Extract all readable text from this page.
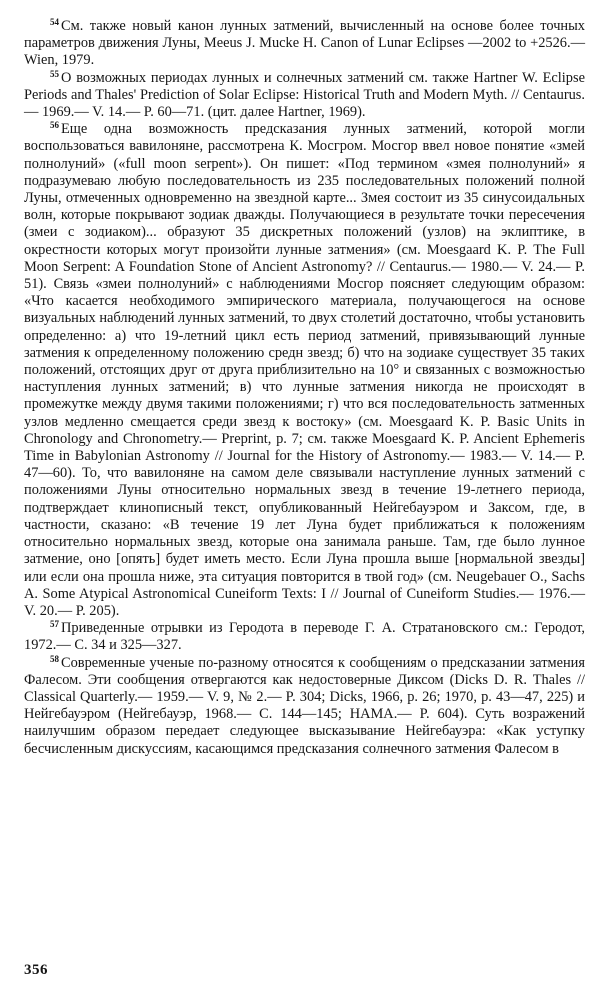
$^{54}$ См. также новый канон лунных затмений, вычисленный на основе более точных параметров движения Луны, Meeus J. Mucke H. Canon of Lunar Eclipses —2002 to +2526.— Wien, 1979.

$^{55}$ О возможных периодах лунных и солнечных затмений см. также Hartner W. Eclipse Periods and Thales' Prediction of Solar Eclipse: Historical Truth and Modern Myth. // Centaurus.— 1969.— V. 14.— P. 60—71. (цит. далее Hartner, 1969).

$^{56}$ Еще одна возможность предсказания лунных затмений, которой могли воспользоваться вавилоняне, рассмотрена К. Мосгром. Мосгор ввел новое понятие «змей полнолуний» («full moon serpent»). Он пишет: «Под термином «змея полнолуний» я подразумеваю любую последовательность из 235 последовательных положений полной Луны, отмеченных одновременно на звездной карте... Змея состоит из 35 синусоидальных волн, которые покрывают зодиак дважды. Получающиеся в результате точки пересечения (змеи с зодиаком)... образуют 35 дискретных положений (узлов) на эклиптике, в окрестности которых могут произойти лунные затмения» (см. Moesgaard K. P. The Full Moon Serpent: A Foundation Stone of Ancient Astronomy? // Centaurus.— 1980.— V. 24.— P. 51). Связь «змеи полнолуний» с наблюдениями Мосгор поясняет следующим образом: «Что касается необходимого эмпирического материала, получающегося на основе визуальных наблюдений лунных затмений, то двух столетий достаточно, чтобы установить определенно: а) что 19-летний цикл есть период затмений, привязывающий лунные затмения к определенному положению средн звезд; б) что на зодиаке существует 35 таких положений, отстоящих друг от друга приблизительно на 10° и связанных с возможностью наступления лунных затмений; в) что лунные затмения никогда не происходят в промежутке между двумя такими положениями; г) что вся последовательность затменных узлов медленно смещается среди звезд к востоку» (см. Moesgaard K. P. Basic Units in Chronology and Chronometry.— Preprint, p. 7; см. также Moesgaard K. P. Ancient Ephemeris Time in Babylonian Astronomy // Journal for the History of Astronomy.— 1983.— V. 14.— P. 47—60). То, что вавилоняне на самом деле связывали наступление лунных затмений с положениями Луны относительно нормальных звезд в течение 19-летнего периода, подтверждает клинописный текст, опубликованный Нейгебауэром и Заксом, где, в частности, сказано: «В течение 19 лет Луна будет приближаться к положениям относительно нормальных звезд, которые она занимала раньше. Там, где было лунное затмение, оно [опять] будет иметь место. Если Луна прошла выше [нормальной звезды] или если она прошла ниже, эта ситуация повторится в твой год» (см. Neugebauer O., Sachs A. Some Atypical Astronomical Cuneiform Texts: I // Journal of Cuneiform Studies.— 1976.— V. 20.— P. 205).

$^{57}$ Приведенные отрывки из Геродота в переводе Г. А. Стратановского см.: Геродот, 1972.— С. 34 и 325—327.

$^{58}$ Современные ученые по-разному относятся к сообщениям о предсказании затмения Фалесом. Эти сообщения отвергаются как недостоверные Диксом (Dicks D. R. Thales // Classical Quarterly.— 1959.— V. 9, № 2.— P. 304; Dicks, 1966, p. 26; 1970, p. 43—47, 225) и Нейгебауэром (Нейгебауэр, 1968.— С. 144—145; HAMA.— P. 604). Суть возражений наилучшим образом передает следующее высказывание Нейгебауэра: «Как уступку бесчисленным дискуссиям, касающимся предсказания солнечного затмения Фалесом в

356
